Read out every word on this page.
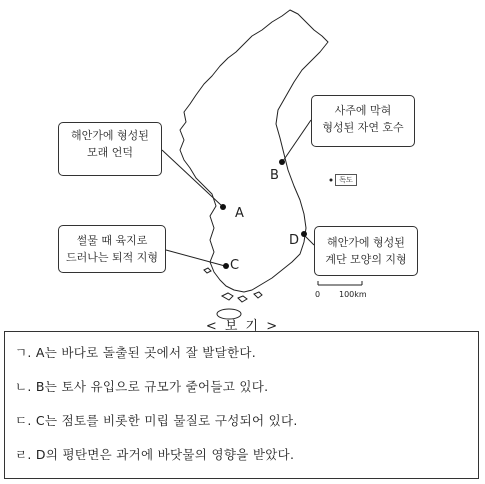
독도
0 100km
해안가에 형성된
모래 언덕
사주에 막혀
형성된 자연 호수
썰물 때 육지로
드러나는 퇴적 지형
해안가에 형성된
계단 모양의 지형
A
B
C
D
< 보 기 >
ㄱ. A는 바다로 돌출된 곳에서 잘 발달한다.
ㄴ. B는 토사 유입으로 규모가 줄어들고 있다.
ㄷ. C는 점토를 비롯한 미립 물질로 구성되어 있다.
ㄹ. D의 평탄면은 과거에 바닷물의 영향을 받았다.
